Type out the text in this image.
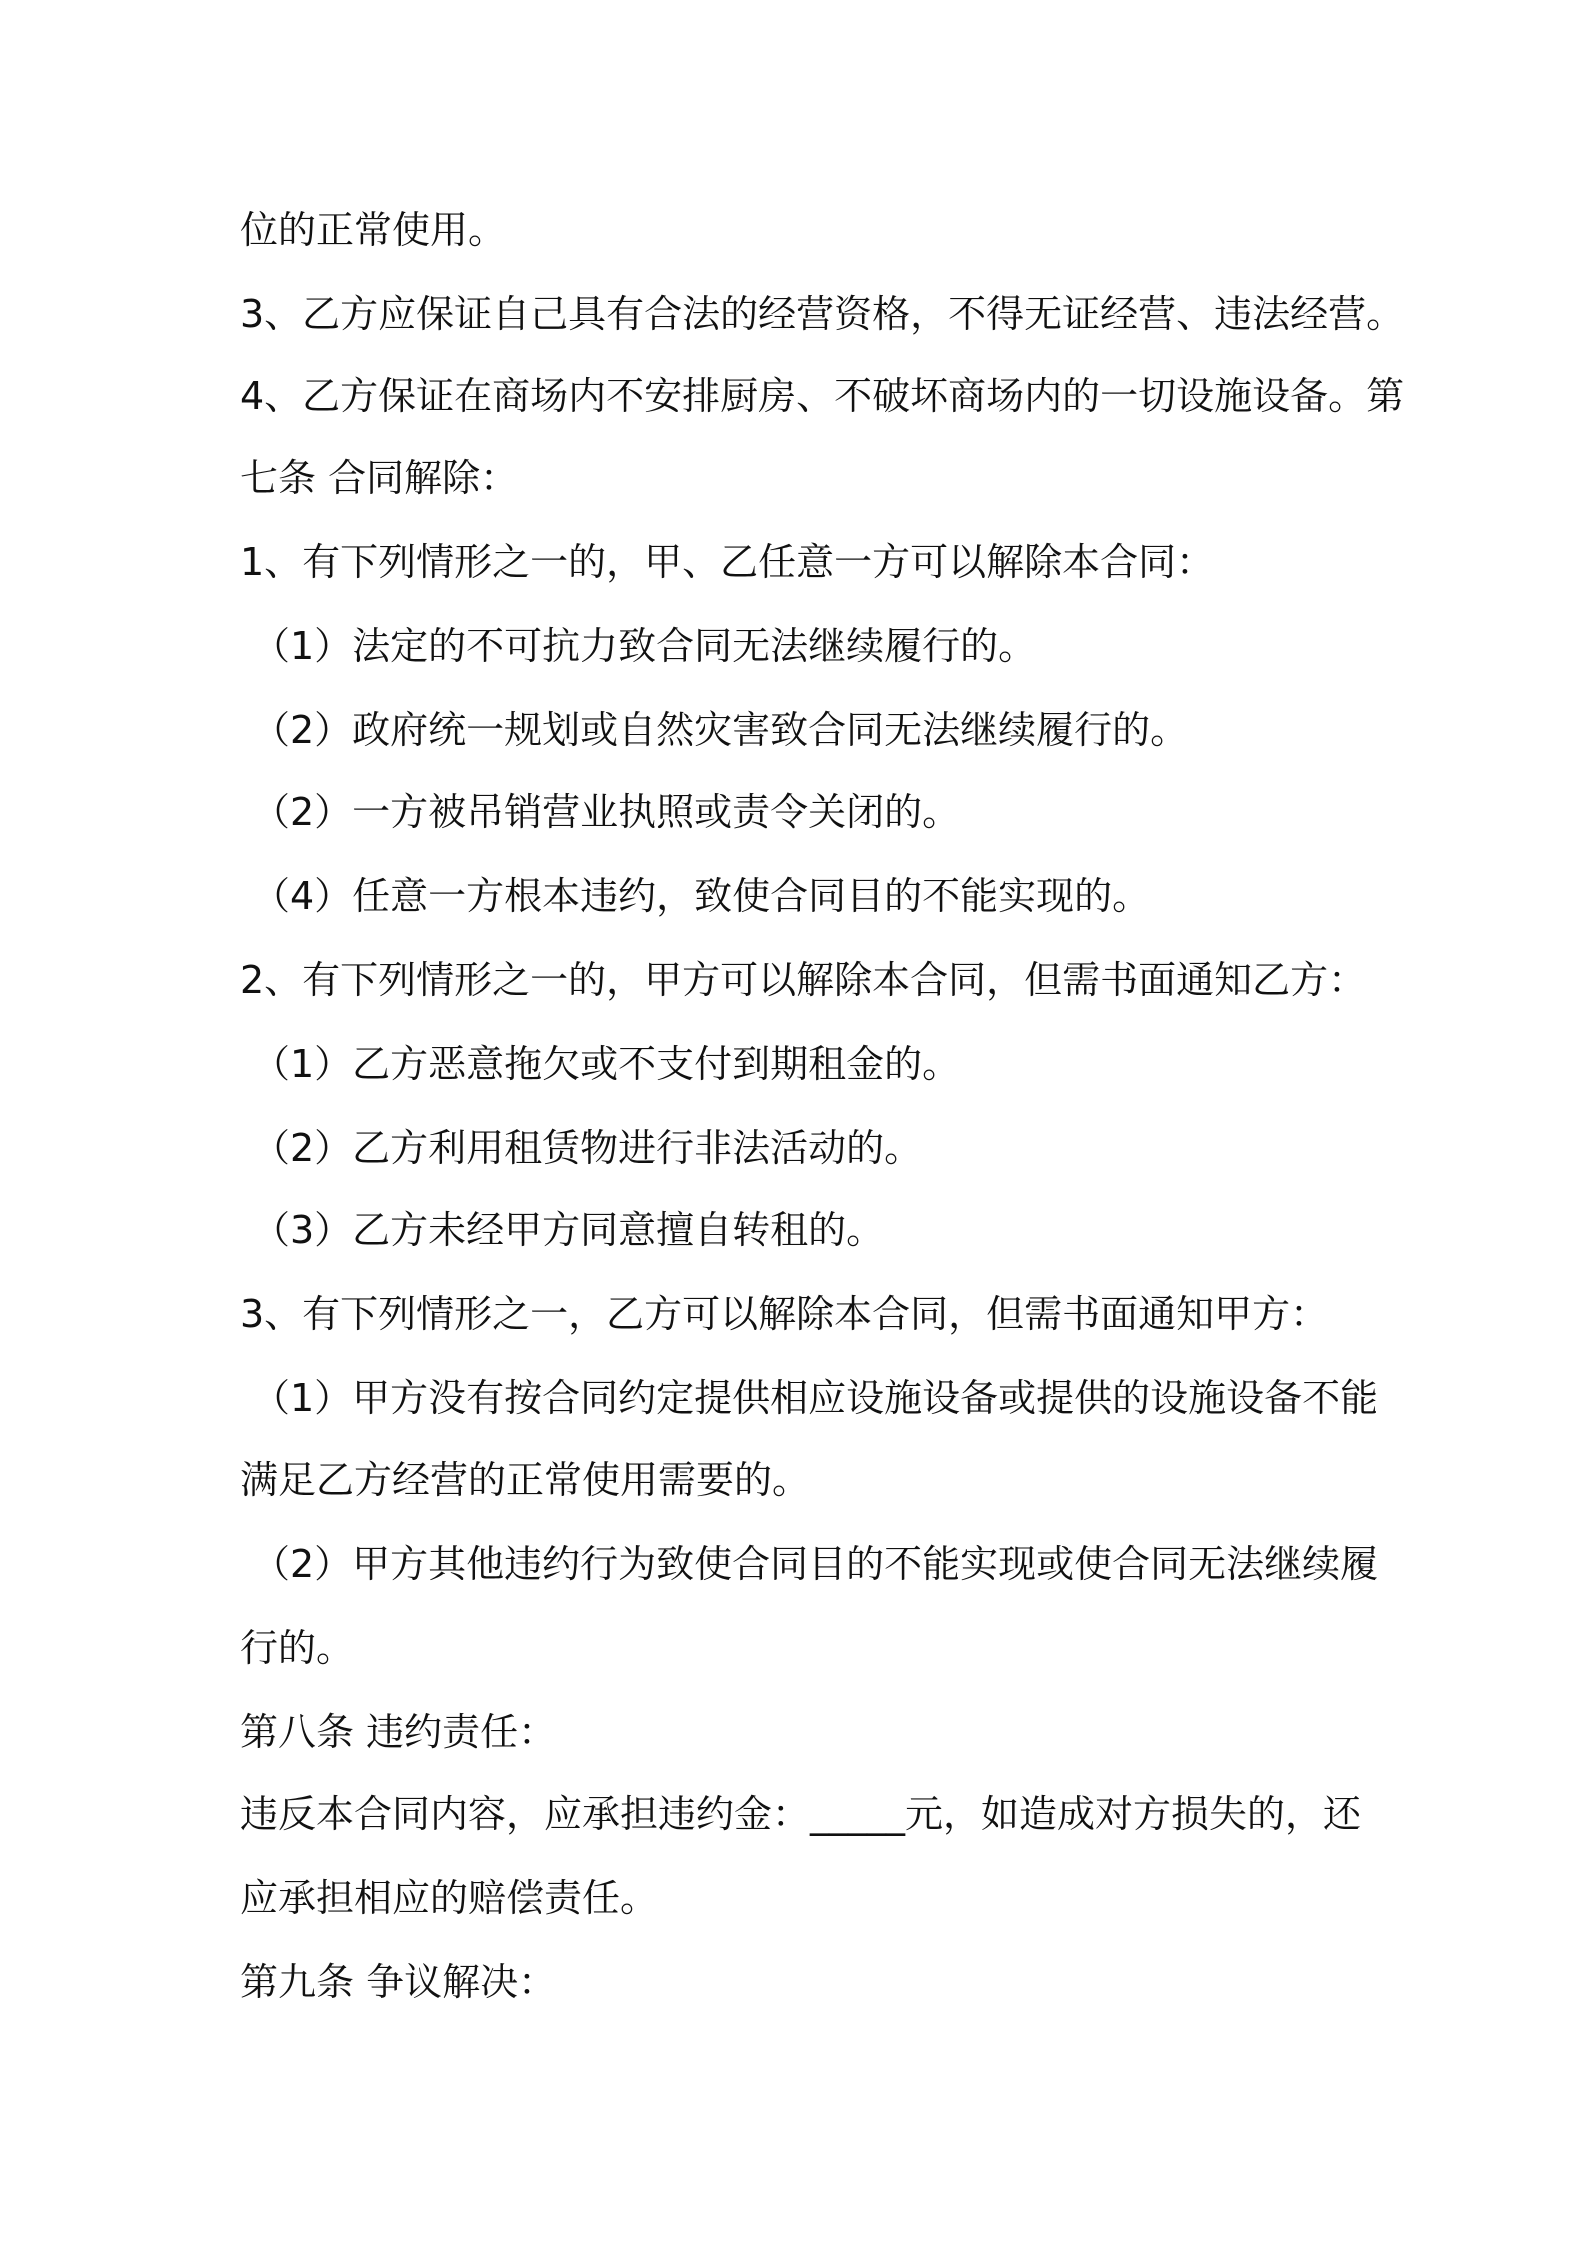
位的正常使用。
3、乙方应保证自己具有合法的经营资格，不得无证经营、违法经营。
4、乙方保证在商场内不安排厨房、不破坏商场内的一切设施设备。第
七条 合同解除：
1、有下列情形之一的，甲、乙任意一方可以解除本合同：
（1）法定的不可抗力致合同无法继续履行的。
（2）政府统一规划或自然灾害致合同无法继续履行的。
（2）一方被吊销营业执照或责令关闭的。
（4）任意一方根本违约，致使合同目的不能实现的。
2、有下列情形之一的，甲方可以解除本合同，但需书面通知乙方：
（1）乙方恶意拖欠或不支付到期租金的。
（2）乙方利用租赁物进行非法活动的。
（3）乙方未经甲方同意擅自转租的。
3、有下列情形之一，乙方可以解除本合同，但需书面通知甲方：
（1）甲方没有按合同约定提供相应设施设备或提供的设施设备不能
满足乙方经营的正常使用需要的。
（2）甲方其他违约行为致使合同目的不能实现或使合同无法继续履
行的。
第八条 违约责任：
违反本合同内容，应承担违约金：_____元，如造成对方损失的，还
应承担相应的赔偿责任。
第九条 争议解决：
